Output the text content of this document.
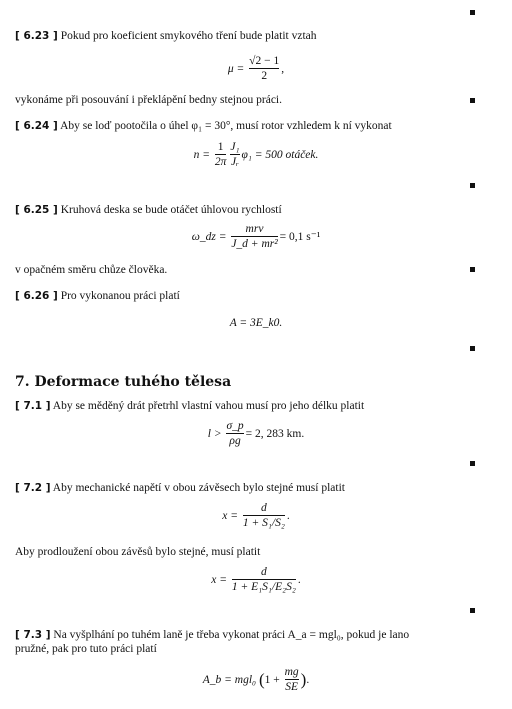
[ 6.23 ] Pokud pro koeficient smykového tření bude platit vztah

$\mu = \frac{√2 - 1}{2}$ ,

vykonáme při posouvání i překlápění bedny stejnou práci.

[ 6.24 ] Aby se loď pootočila o úhel φ₁ = 30°, musí rotor vzhledem k ní vykonat

$n = \frac{1}{2\pi} \frac{\text{J₁}}{\text{Jᵣ}} \varphi_1 = 500$ otáček.

[ 6.25 ] Kruhová deska se bude otáčet úhlovou rychlostí

ω_dz = $\frac{\text{mrv}}{\text{J\_d + mr²}} = 0,1$ s⁻¹

v opačném směru chůze člověka.

[ 6.26 ] Pro vykonanou práci platí

A = 3E_k0.
7. Deformace tuhého tělesa

[ 7.1 ] Aby se měděný drát přetrhl vlastní vahou musí pro jeho délku platit

$l > \frac{\sigma\_p}{\rho g} = 2$, 283 km.

[ 7.2 ] Aby mechanické napětí v obou závěsech bylo stejné musí platit

$x = \frac{d}{\text{1 + S₁/S₂}}$ .

Aby prodloužení obou závěsů bylo stejné, musí platit

$x = \frac{d}{\text{1 + E₁S₁/E₂S₂}}$ .

[ 7.3 ] Na vyšplhání po tuhém laně je třeba vykonat práci A_a = mgl₀, pokud je lano

pružné, pak pro tuto práci platí

A_b = mgl₀ ($1 + \frac{mg}{SE}$ ).
